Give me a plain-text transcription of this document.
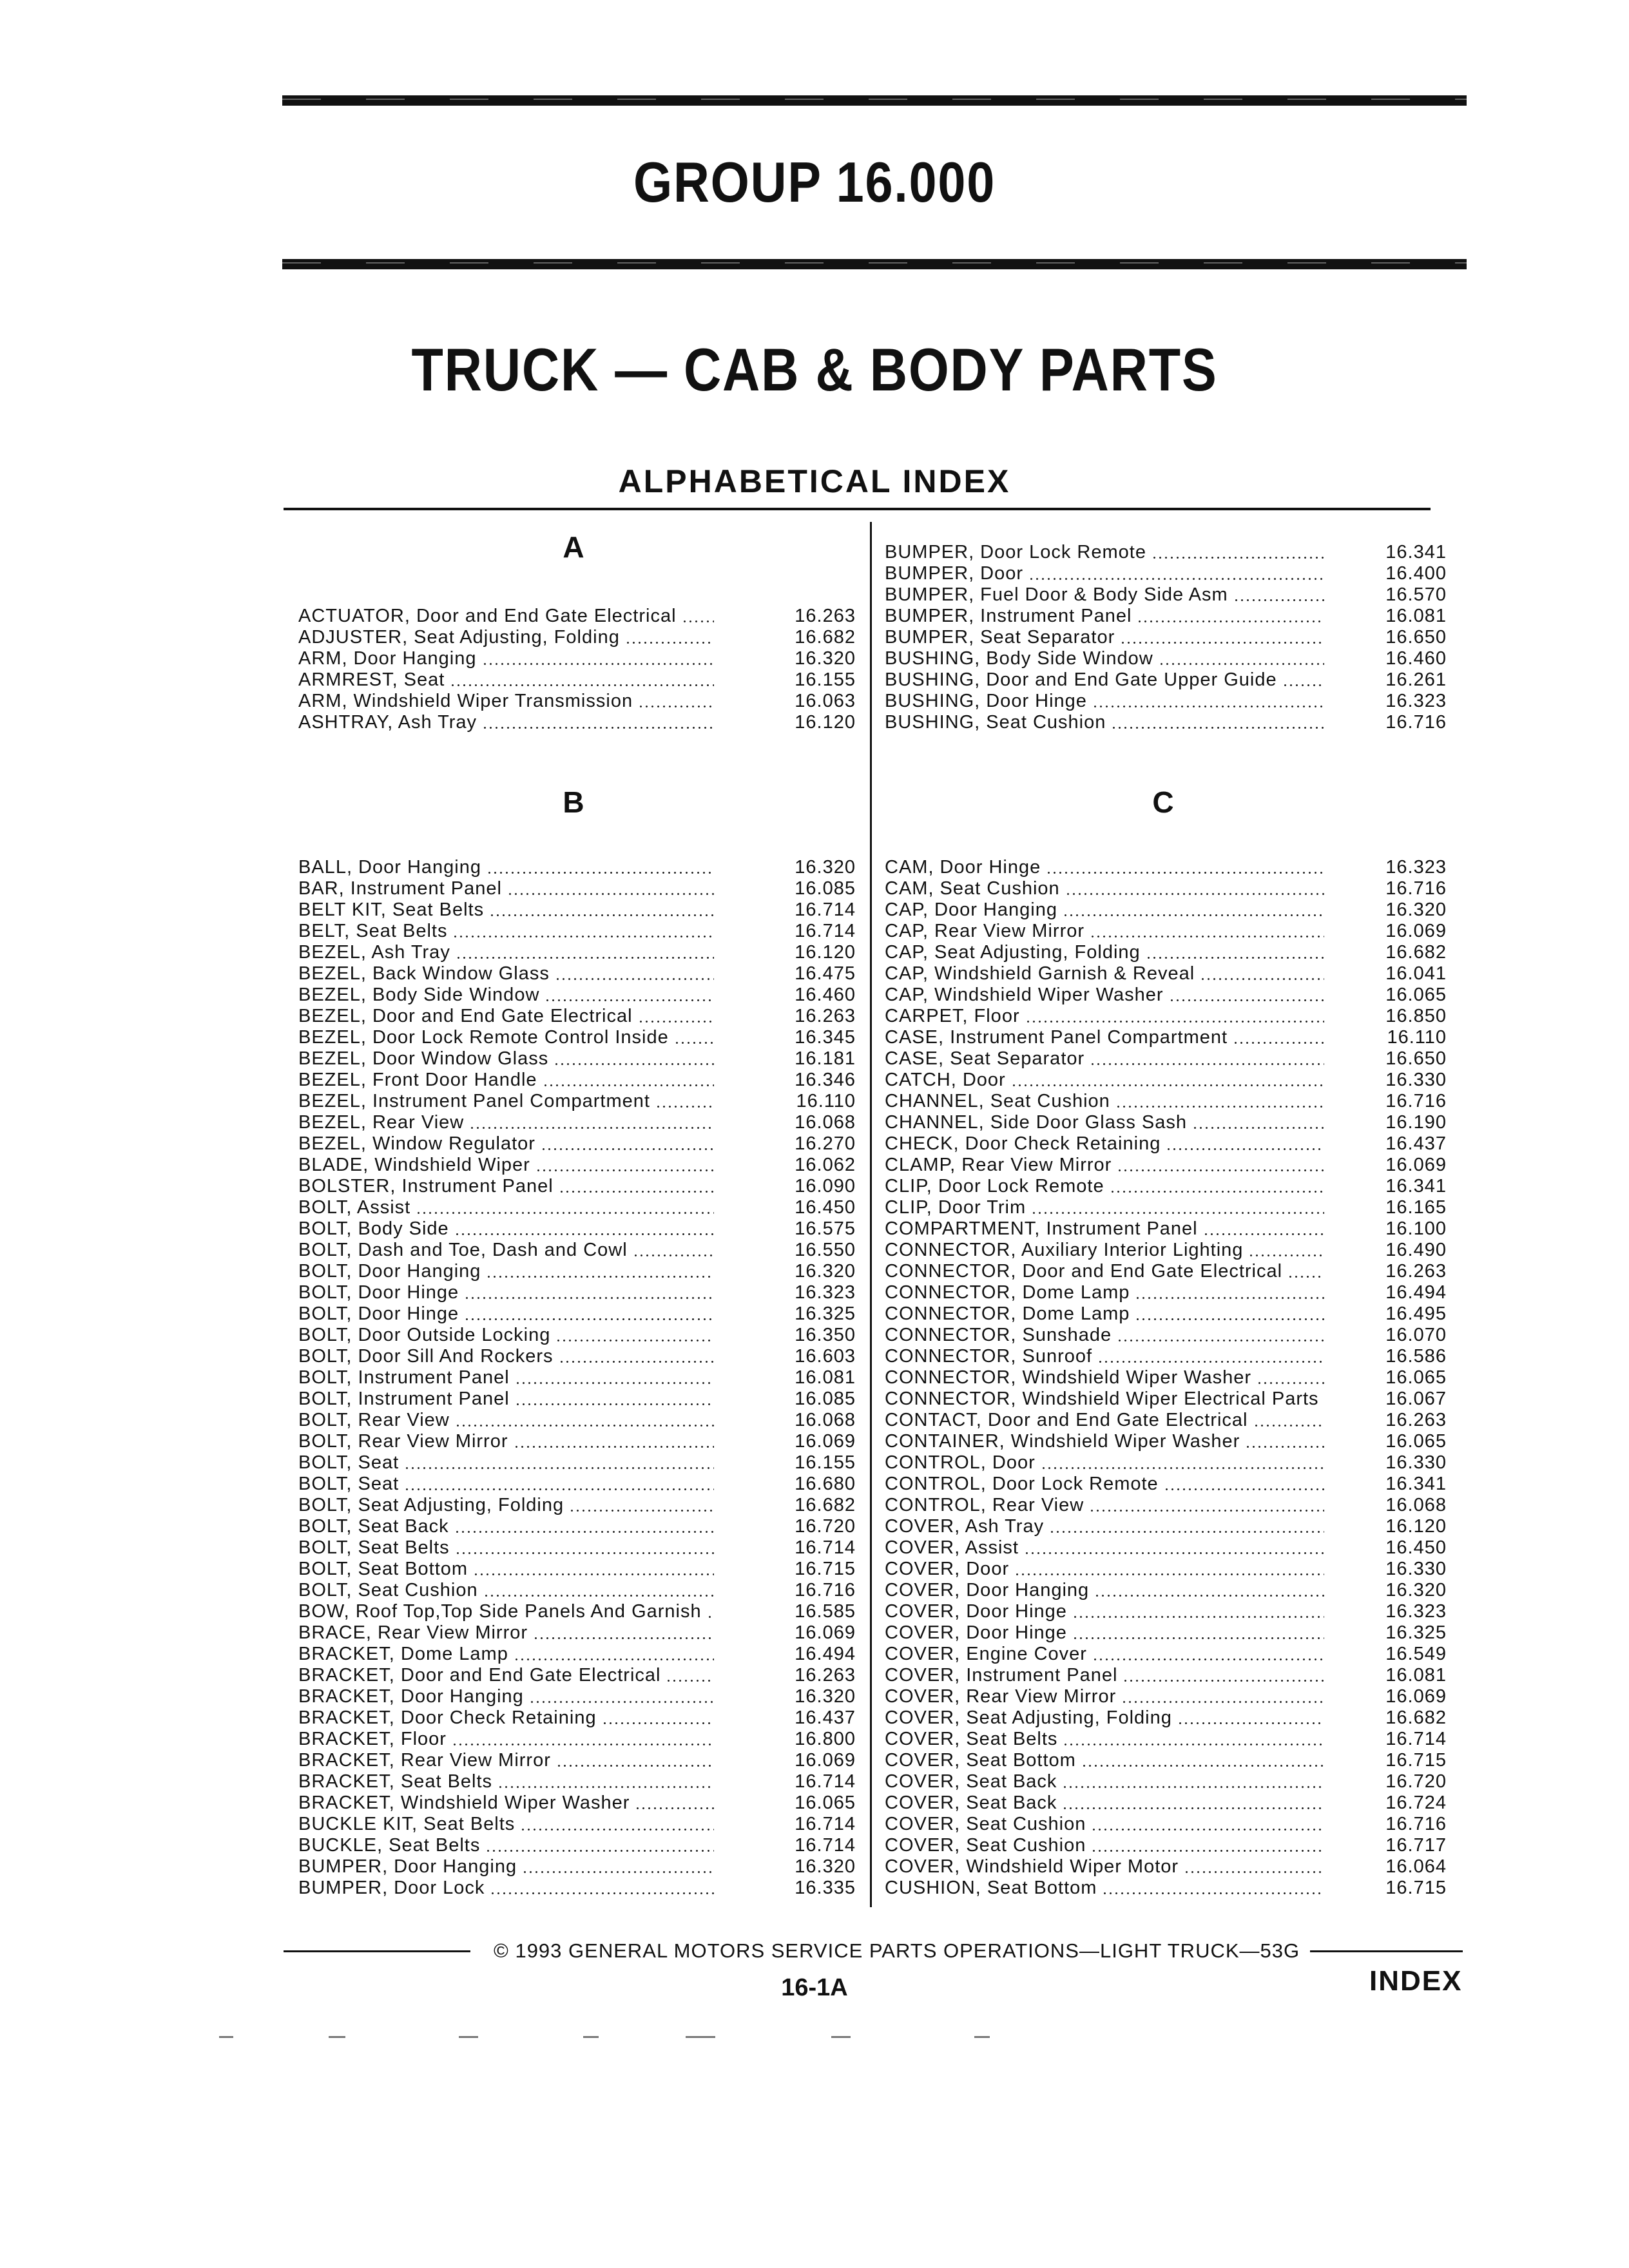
GROUP 16.000
TRUCK — CAB & BODY PARTS
ALPHABETICAL INDEX
A
B	C
ACTUATOR, Door and End Gate Electrical	16.263
ADJUSTER, Seat Adjusting, Folding	16.682
ARM, Door Hanging	16.320
ARMREST, Seat	16.155
ARM, Windshield Wiper Transmission	16.063
ASHTRAY, Ash Tray	16.120
BALL, Door Hanging	16.320
BAR, Instrument Panel	16.085
BELT KIT, Seat Belts	16.714
BELT, Seat Belts	16.714
BEZEL, Ash Tray	16.120
BEZEL, Back Window Glass	16.475
BEZEL, Body Side Window	16.460
BEZEL, Door and End Gate Electrical	16.263
BEZEL, Door Lock Remote Control Inside	16.345
BEZEL, Door Window Glass	16.181
BEZEL, Front Door Handle	16.346
BEZEL, Instrument Panel Compartment	16.110
BEZEL, Rear View	16.068
BEZEL, Window Regulator	16.270
BLADE, Windshield Wiper	16.062
BOLSTER, Instrument Panel	16.090
BOLT, Assist	16.450
BOLT, Body Side	16.575
BOLT, Dash and Toe, Dash and Cowl	16.550
BOLT, Door Hanging	16.320
BOLT, Door Hinge	16.323
BOLT, Door Hinge	16.325
BOLT, Door Outside Locking	16.350
BOLT, Door Sill And Rockers	16.603
BOLT, Instrument Panel	16.081
BOLT, Instrument Panel	16.085
BOLT, Rear View	16.068
BOLT, Rear View Mirror	16.069
BOLT, Seat	16.155
BOLT, Seat	16.680
BOLT, Seat Adjusting, Folding	16.682
BOLT, Seat Back	16.720
BOLT, Seat Belts	16.714
BOLT, Seat Bottom	16.715
BOLT, Seat Cushion	16.716
BOW, Roof Top,Top Side Panels And Garnish	16.585
BRACE, Rear View Mirror	16.069
BRACKET, Dome Lamp	16.494
BRACKET, Door and End Gate Electrical	16.263
BRACKET, Door Hanging	16.320
BRACKET, Door Check Retaining	16.437
BRACKET, Floor	16.800
BRACKET, Rear View Mirror	16.069
BRACKET, Seat Belts	16.714
BRACKET, Windshield Wiper Washer	16.065
BUCKLE KIT, Seat Belts	16.714
BUCKLE, Seat Belts	16.714
BUMPER, Door Hanging	16.320
BUMPER, Door Lock	16.335
BUMPER, Door Lock Remote	16.341
BUMPER, Door	16.400
BUMPER, Fuel Door & Body Side Asm	16.570
BUMPER, Instrument Panel	16.081
BUMPER, Seat Separator	16.650
BUSHING, Body Side Window	16.460
BUSHING, Door and End Gate Upper Guide	16.261
BUSHING, Door Hinge	16.323
BUSHING, Seat Cushion	16.716
CAM, Door Hinge	16.323
CAM, Seat Cushion	16.716
CAP, Door Hanging	16.320
CAP, Rear View Mirror	16.069
CAP, Seat Adjusting, Folding	16.682
CAP, Windshield Garnish & Reveal	16.041
CAP, Windshield Wiper Washer	16.065
CARPET, Floor	16.850
CASE, Instrument Panel Compartment	16.110
CASE, Seat Separator	16.650
CATCH, Door	16.330
CHANNEL, Seat Cushion	16.716
CHANNEL, Side Door Glass Sash	16.190
CHECK, Door Check Retaining	16.437
CLAMP, Rear View Mirror	16.069
CLIP, Door Lock Remote	16.341
CLIP, Door Trim	16.165
COMPARTMENT, Instrument Panel	16.100
CONNECTOR, Auxiliary Interior Lighting	16.490
CONNECTOR, Door and End Gate Electrical	16.263
CONNECTOR, Dome Lamp	16.494
CONNECTOR, Dome Lamp	16.495
CONNECTOR, Sunshade	16.070
CONNECTOR, Sunroof	16.586
CONNECTOR, Windshield Wiper Washer	16.065
CONNECTOR, Windshield Wiper Electrical Parts	16.067
CONTACT, Door and End Gate Electrical	16.263
CONTAINER, Windshield Wiper Washer	16.065
CONTROL, Door	16.330
CONTROL, Door Lock Remote	16.341
CONTROL, Rear View	16.068
COVER, Ash Tray	16.120
COVER, Assist	16.450
COVER, Door	16.330
COVER, Door Hanging	16.320
COVER, Door Hinge	16.323
COVER, Door Hinge	16.325
COVER, Engine Cover	16.549
COVER, Instrument Panel	16.081
COVER, Rear View Mirror	16.069
COVER, Seat Adjusting, Folding	16.682
COVER, Seat Belts	16.714
COVER, Seat Bottom	16.715
COVER, Seat Back	16.720
COVER, Seat Back	16.724
COVER, Seat Cushion	16.716
COVER, Seat Cushion	16.717
COVER, Windshield Wiper Motor	16.064
CUSHION, Seat Bottom	16.715
© 1993 GENERAL MOTORS SERVICE PARTS OPERATIONS—LIGHT TRUCK—53G
16-1A	INDEX
